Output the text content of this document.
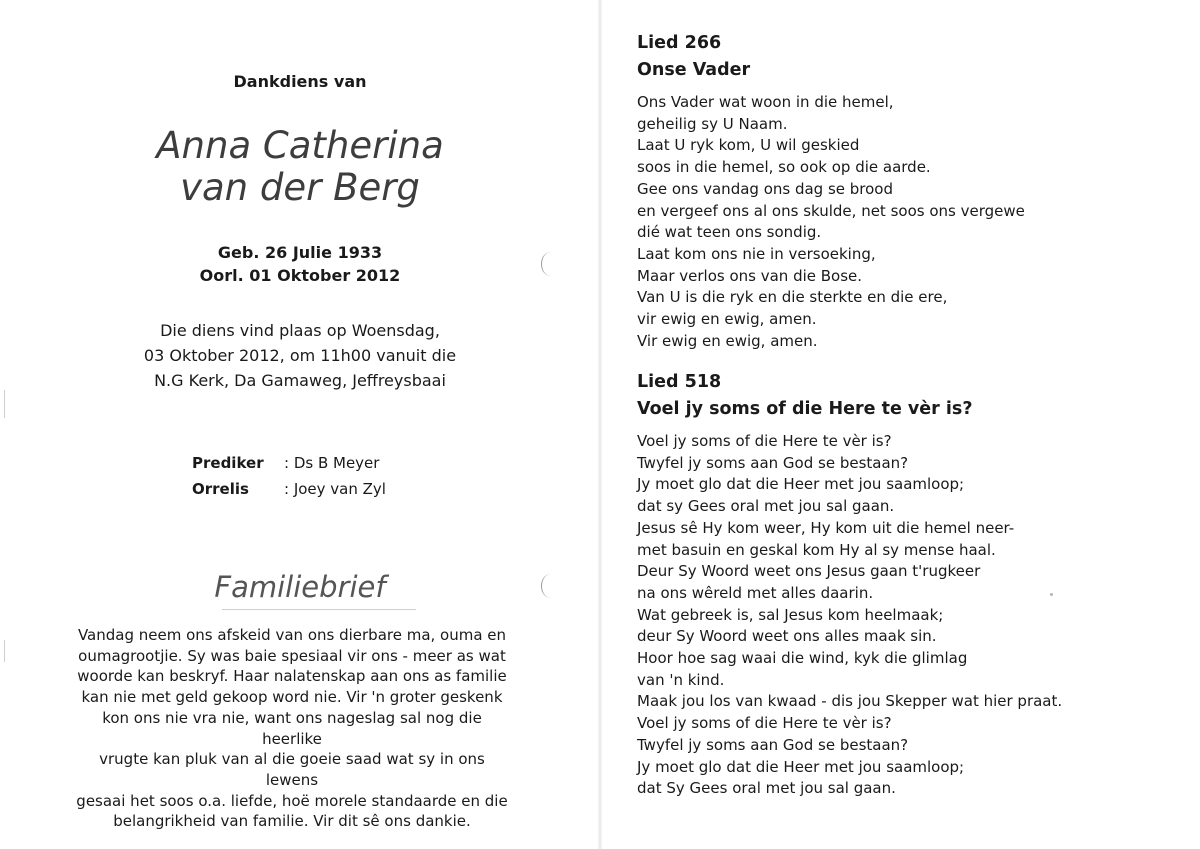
Dankdiens van
Anna Catherina
van der Berg
Geb. 26 Julie 1933
Oorl. 01 Oktober 2012
Die diens vind plaas op Woensdag,
03 Oktober 2012, om 11h00 vanuit die
N.G Kerk, Da Gamaweg, Jeffreysbaai
Prediker : Ds B Meyer
Orrelis : Joey van Zyl
Familiebrief
Vandag neem ons afskeid van ons dierbare ma, ouma en
oumagrootjie. Sy was baie spesiaal vir ons - meer as wat
woorde kan beskryf. Haar nalatenskap aan ons as familie
kan nie met geld gekoop word nie. Vir 'n groter geskenk
kon ons nie vra nie, want ons nageslag sal nog die heerlike
vrugte kan pluk van al die goeie saad wat sy in ons lewens
gesaai het soos o.a. liefde, hoë morele standaarde en die
belangrikheid van familie. Vir dit sê ons dankie.
Lied 266
Onse Vader
Ons Vader wat woon in die hemel,
geheilig sy U Naam.
Laat U ryk kom, U wil geskied
soos in die hemel, so ook op die aarde.
Gee ons vandag ons dag se brood
en vergeef ons al ons skulde, net soos ons vergewe
dié wat teen ons sondig.
Laat kom ons nie in versoeking,
Maar verlos ons van die Bose.
Van U is die ryk en die sterkte en die ere,
vir ewig en ewig, amen.
Vir ewig en ewig, amen.
Lied 518
Voel jy soms of die Here te vèr is?
Voel jy soms of die Here te vèr is?
Twyfel jy soms aan God se bestaan?
Jy moet glo dat die Heer met jou saamloop;
dat sy Gees oral met jou sal gaan.
Jesus sê Hy kom weer, Hy kom uit die hemel neer-
met basuin en geskal kom Hy al sy mense haal.
Deur Sy Woord weet ons Jesus gaan t'rugkeer
na ons wêreld met alles daarin.
Wat gebreek is, sal Jesus kom heelmaak;
deur Sy Woord weet ons alles maak sin.
Hoor hoe sag waai die wind, kyk die glimlag
van 'n kind.
Maak jou los van kwaad - dis jou Skepper wat hier praat.
Voel jy soms of die Here te vèr is?
Twyfel jy soms aan God se bestaan?
Jy moet glo dat die Heer met jou saamloop;
dat Sy Gees oral met jou sal gaan.
